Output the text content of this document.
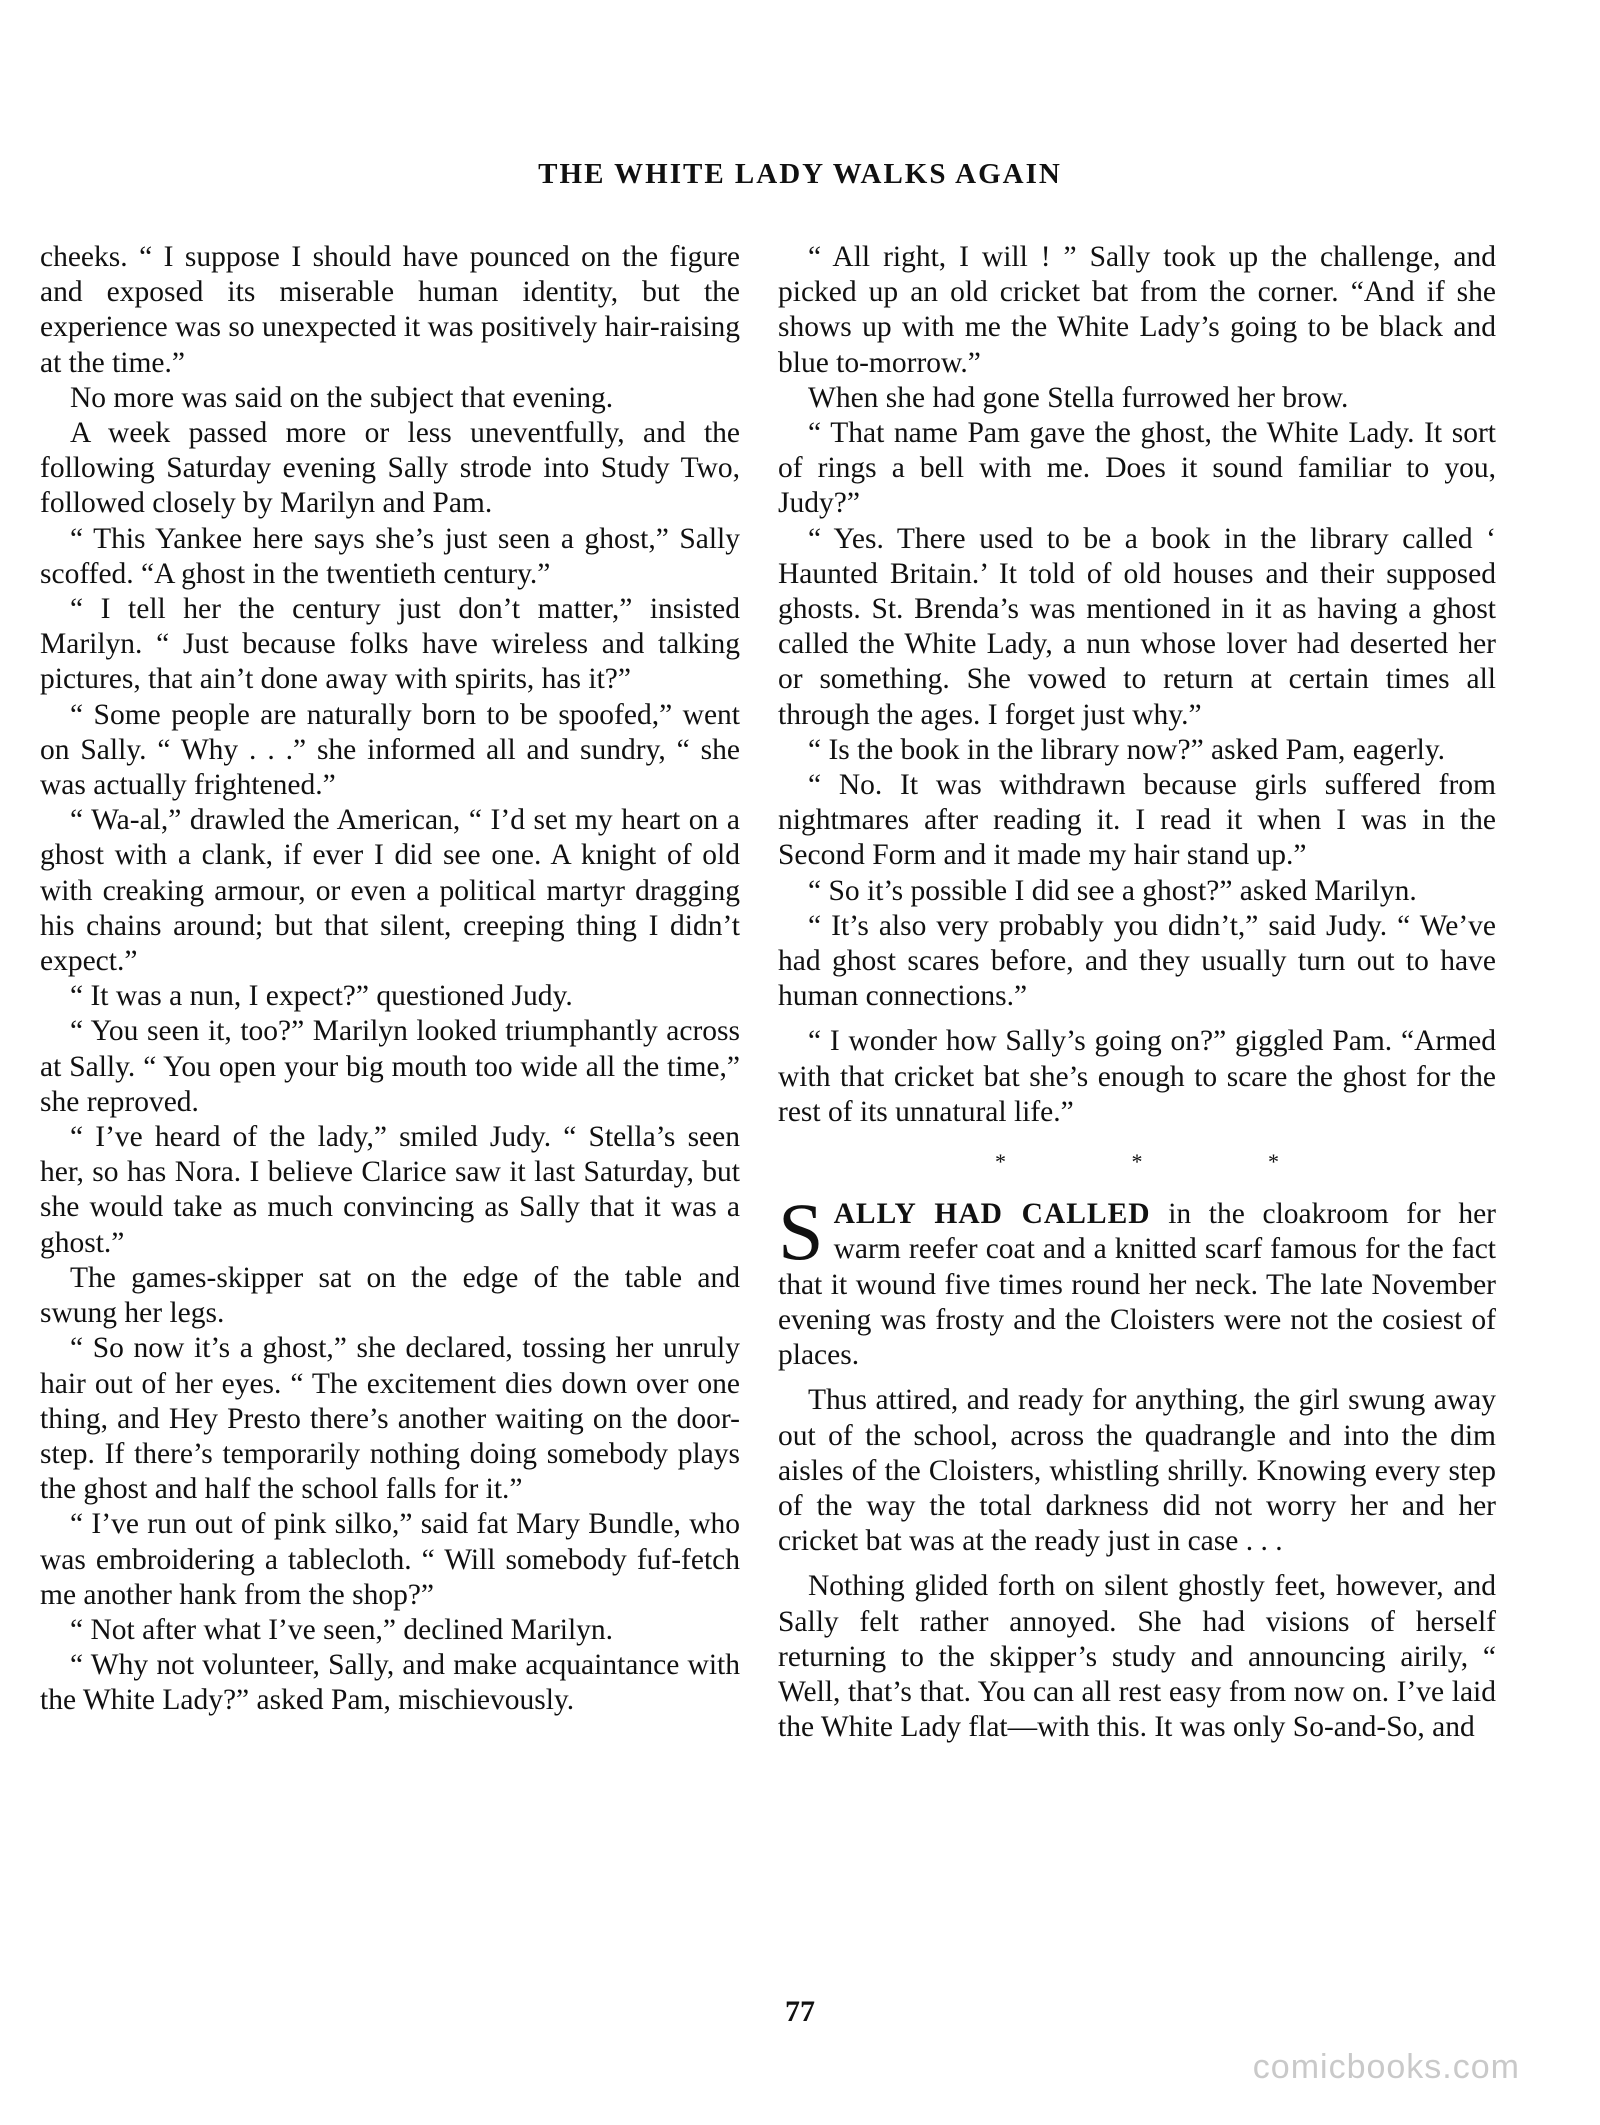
THE WHITE LADY WALKS AGAIN

cheeks. “ I suppose I should have pounced on the figure and exposed its miserable human identity, but the experience was so unexpected it was positively hair-raising at the time.”

No more was said on the subject that evening.

A week passed more or less uneventfully, and the following Saturday evening Sally strode into Study Two, followed closely by Marilyn and Pam.

“ This Yankee here says she’s just seen a ghost,” Sally scoffed. “A ghost in the twentieth century.”

“ I tell her the century just don’t matter,” insisted Marilyn. “ Just because folks have wireless and talking pictures, that ain’t done away with spirits, has it?”

“ Some people are naturally born to be spoofed,” went on Sally. “ Why . . .” she informed all and sundry, “ she was actually frightened.”

“ Wa-al,” drawled the American, “ I’d set my heart on a ghost with a clank, if ever I did see one. A knight of old with creaking armour, or even a political martyr dragging his chains around; but that silent, creeping thing I didn’t expect.”

“ It was a nun, I expect?” questioned Judy.

“ You seen it, too?” Marilyn looked triumphantly across at Sally. “ You open your big mouth too wide all the time,” she reproved.

“ I’ve heard of the lady,” smiled Judy. “ Stella’s seen her, so has Nora. I believe Clarice saw it last Saturday, but she would take as much convincing as Sally that it was a ghost.”

The games-skipper sat on the edge of the table and swung her legs.

“ So now it’s a ghost,” she declared, tossing her unruly hair out of her eyes. “ The excitement dies down over one thing, and Hey Presto there’s another waiting on the door-step. If there’s temporarily nothing doing somebody plays the ghost and half the school falls for it.”

“ I’ve run out of pink silko,” said fat Mary Bundle, who was embroidering a tablecloth. “ Will somebody fuf-fetch me another hank from the shop?”

“ Not after what I’ve seen,” declined Marilyn.

“ Why not volunteer, Sally, and make acquaintance with the White Lady?” asked Pam, mischievously.

“ All right, I will ! ” Sally took up the challenge, and picked up an old cricket bat from the corner. “And if she shows up with me the White Lady’s going to be black and blue to-morrow.”

When she had gone Stella furrowed her brow.

“ That name Pam gave the ghost, the White Lady. It sort of rings a bell with me. Does it sound familiar to you, Judy?”

“ Yes. There used to be a book in the library called ‘ Haunted Britain.’ It told of old houses and their supposed ghosts. St. Brenda’s was mentioned in it as having a ghost called the White Lady, a nun whose lover had deserted her or something. She vowed to return at certain times all through the ages. I forget just why.”

“ Is the book in the library now?” asked Pam, eagerly.

“ No. It was withdrawn because girls suffered from nightmares after reading it. I read it when I was in the Second Form and it made my hair stand up.”

“ So it’s possible I did see a ghost?” asked Marilyn.

“ It’s also very probably you didn’t,” said Judy. “ We’ve had ghost scares before, and they usually turn out to have human connections.”

“ I wonder how Sally’s going on?” giggled Pam. “Armed with that cricket bat she’s enough to scare the ghost for the rest of its unnatural life.”

* * *

SALLY HAD CALLED in the cloakroom for her warm reefer coat and a knitted scarf famous for the fact that it wound five times round her neck. The late November evening was frosty and the Cloisters were not the cosiest of places.

Thus attired, and ready for anything, the girl swung away out of the school, across the quadrangle and into the dim aisles of the Cloisters, whistling shrilly. Knowing every step of the way the total darkness did not worry her and her cricket bat was at the ready just in case . . .

Nothing glided forth on silent ghostly feet, however, and Sally felt rather annoyed. She had visions of herself returning to the skipper’s study and announcing airily, “ Well, that’s that. You can all rest easy from now on. I’ve laid the White Lady flat—with this. It was only So-and-So, and

77
comicbooks.com
